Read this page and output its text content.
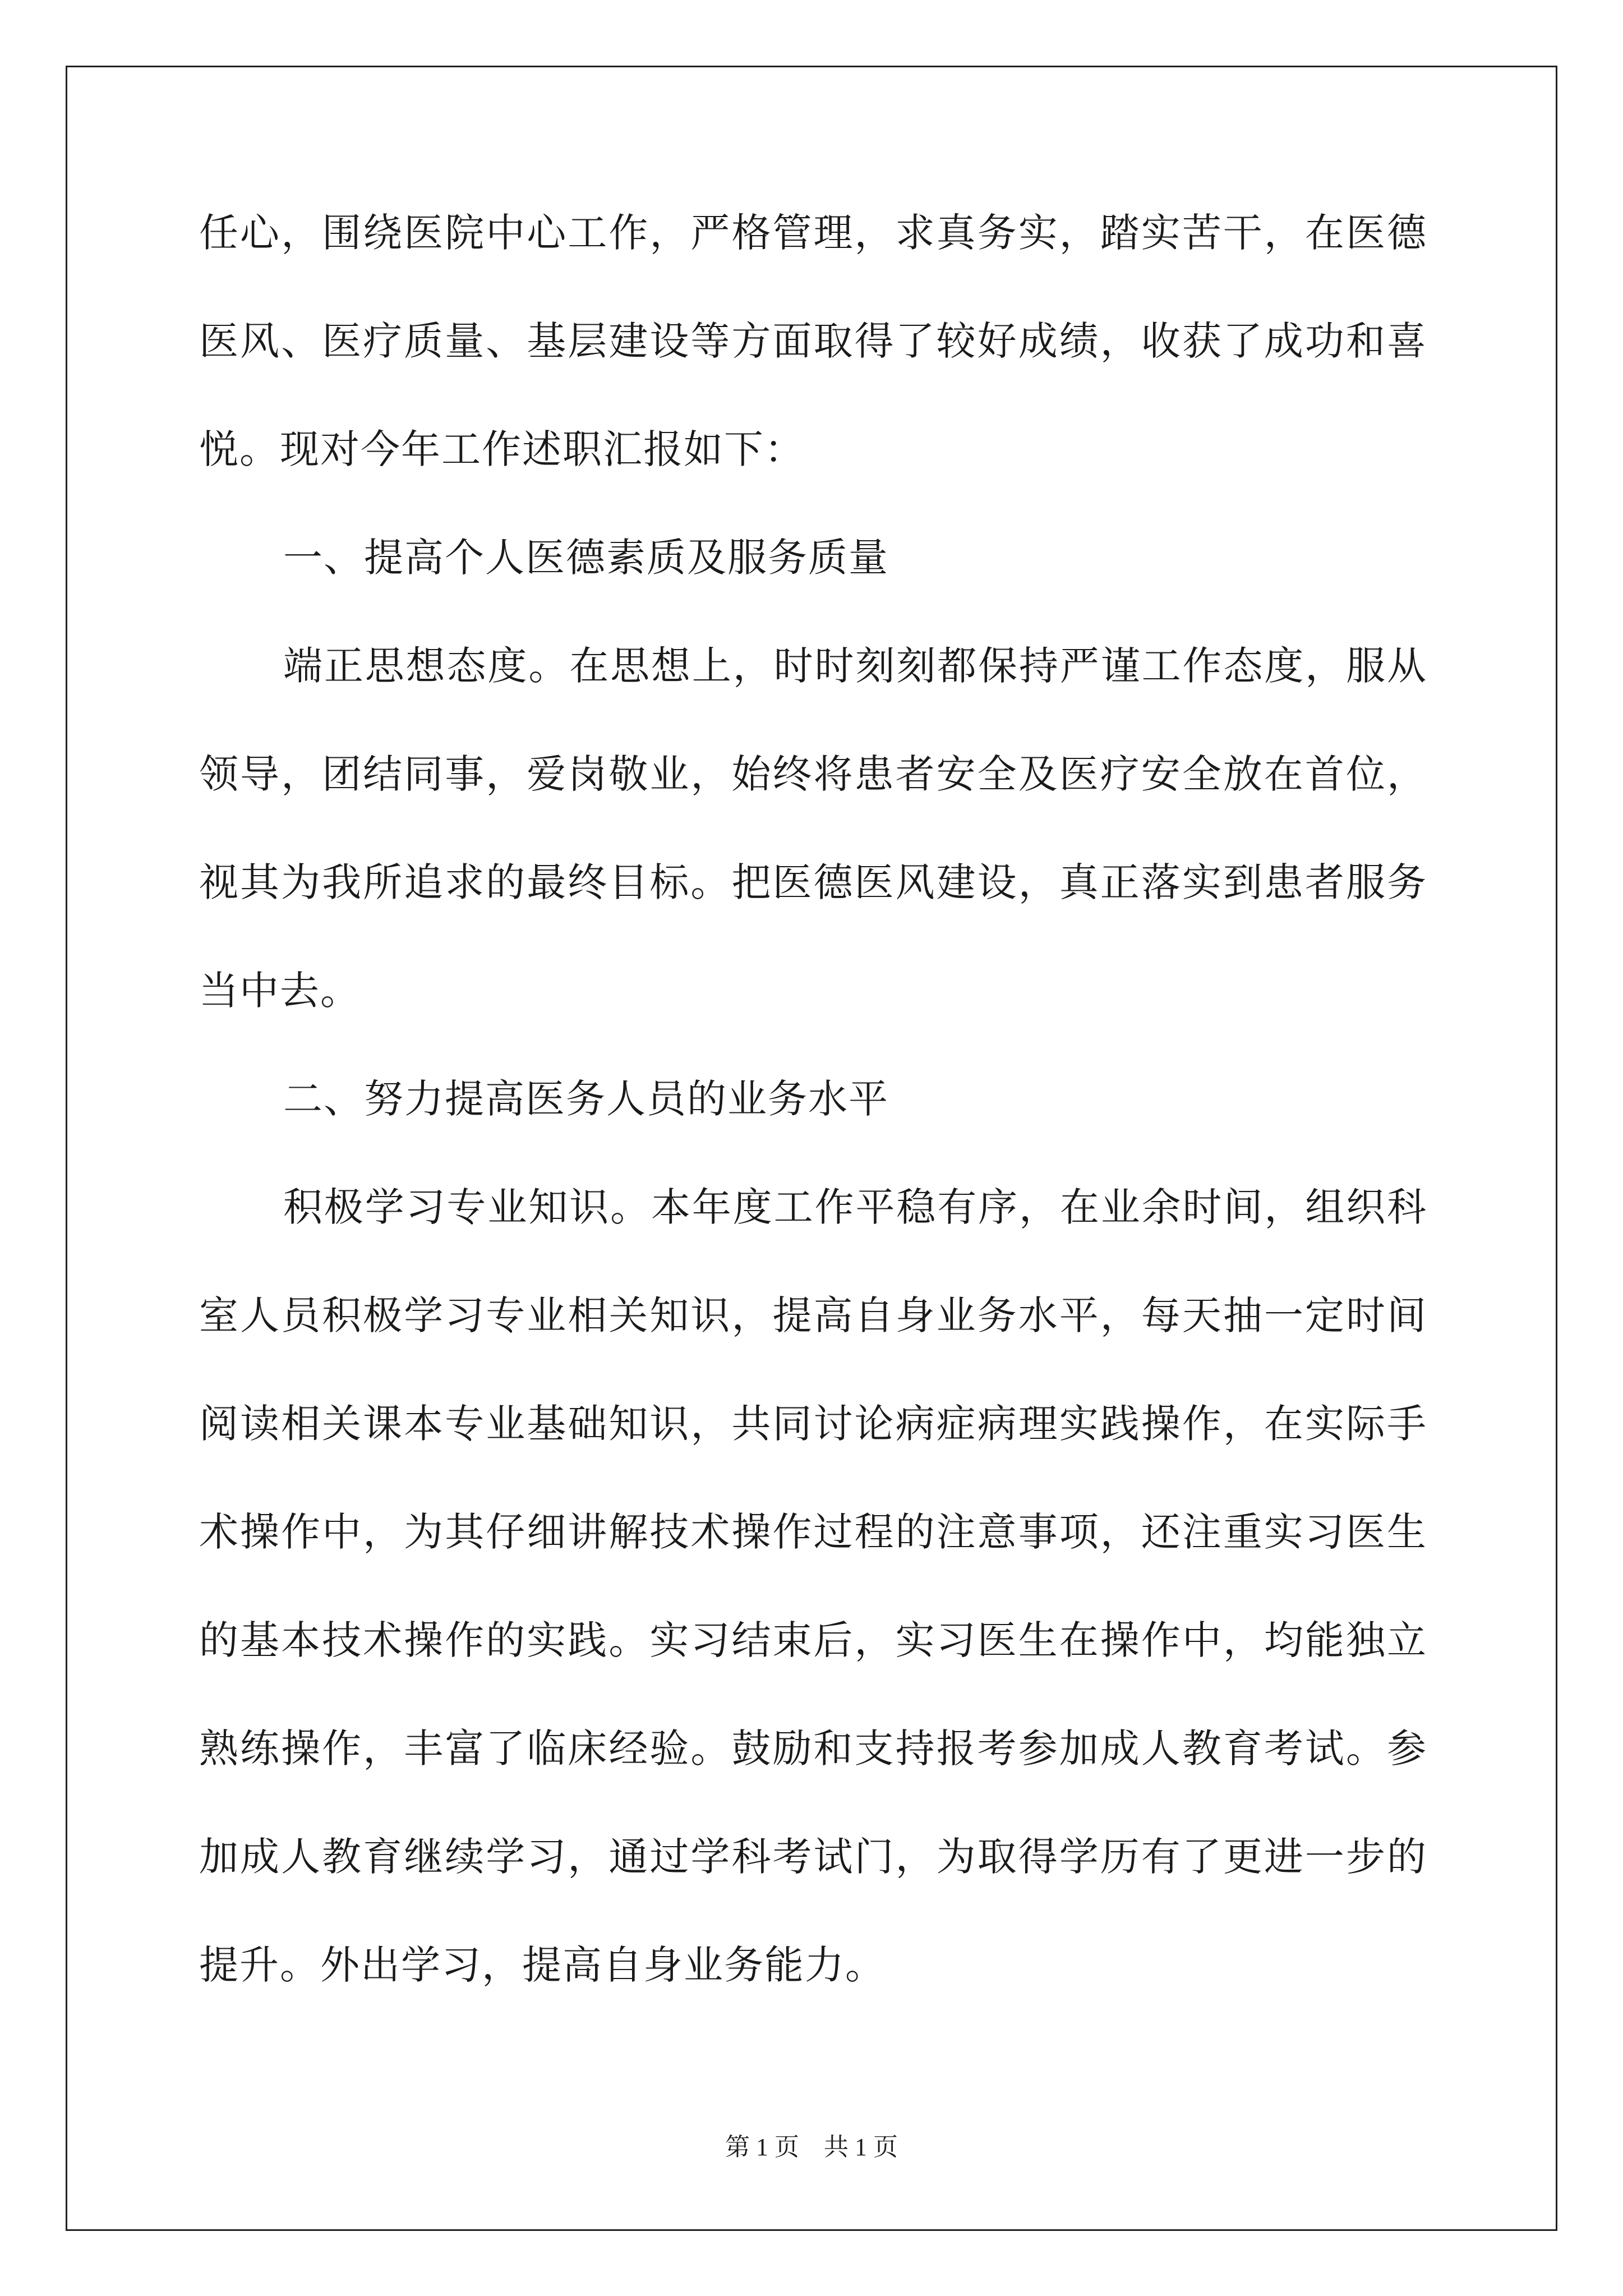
任心，围绕医院中心工作，严格管理，求真务实，踏实苦干，在医德
医风、医疗质量、基层建设等方面取得了较好成绩，收获了成功和喜
悦。现对今年工作述职汇报如下：
一、提高个人医德素质及服务质量
端正思想态度。在思想上，时时刻刻都保持严谨工作态度，服从
领导，团结同事，爱岗敬业，始终将患者安全及医疗安全放在首位，
视其为我所追求的最终目标。把医德医风建设，真正落实到患者服务
当中去。
二、努力提高医务人员的业务水平
积极学习专业知识。本年度工作平稳有序，在业余时间，组织科
室人员积极学习专业相关知识，提高自身业务水平，每天抽一定时间
阅读相关课本专业基础知识，共同讨论病症病理实践操作，在实际手
术操作中，为其仔细讲解技术操作过程的注意事项，还注重实习医生
的基本技术操作的实践。实习结束后，实习医生在操作中，均能独立
熟练操作，丰富了临床经验。鼓励和支持报考参加成人教育考试。参
加成人教育继续学习，通过学科考试门，为取得学历有了更进一步的
提升。外出学习，提高自身业务能力。
第 1 页　共 1 页
